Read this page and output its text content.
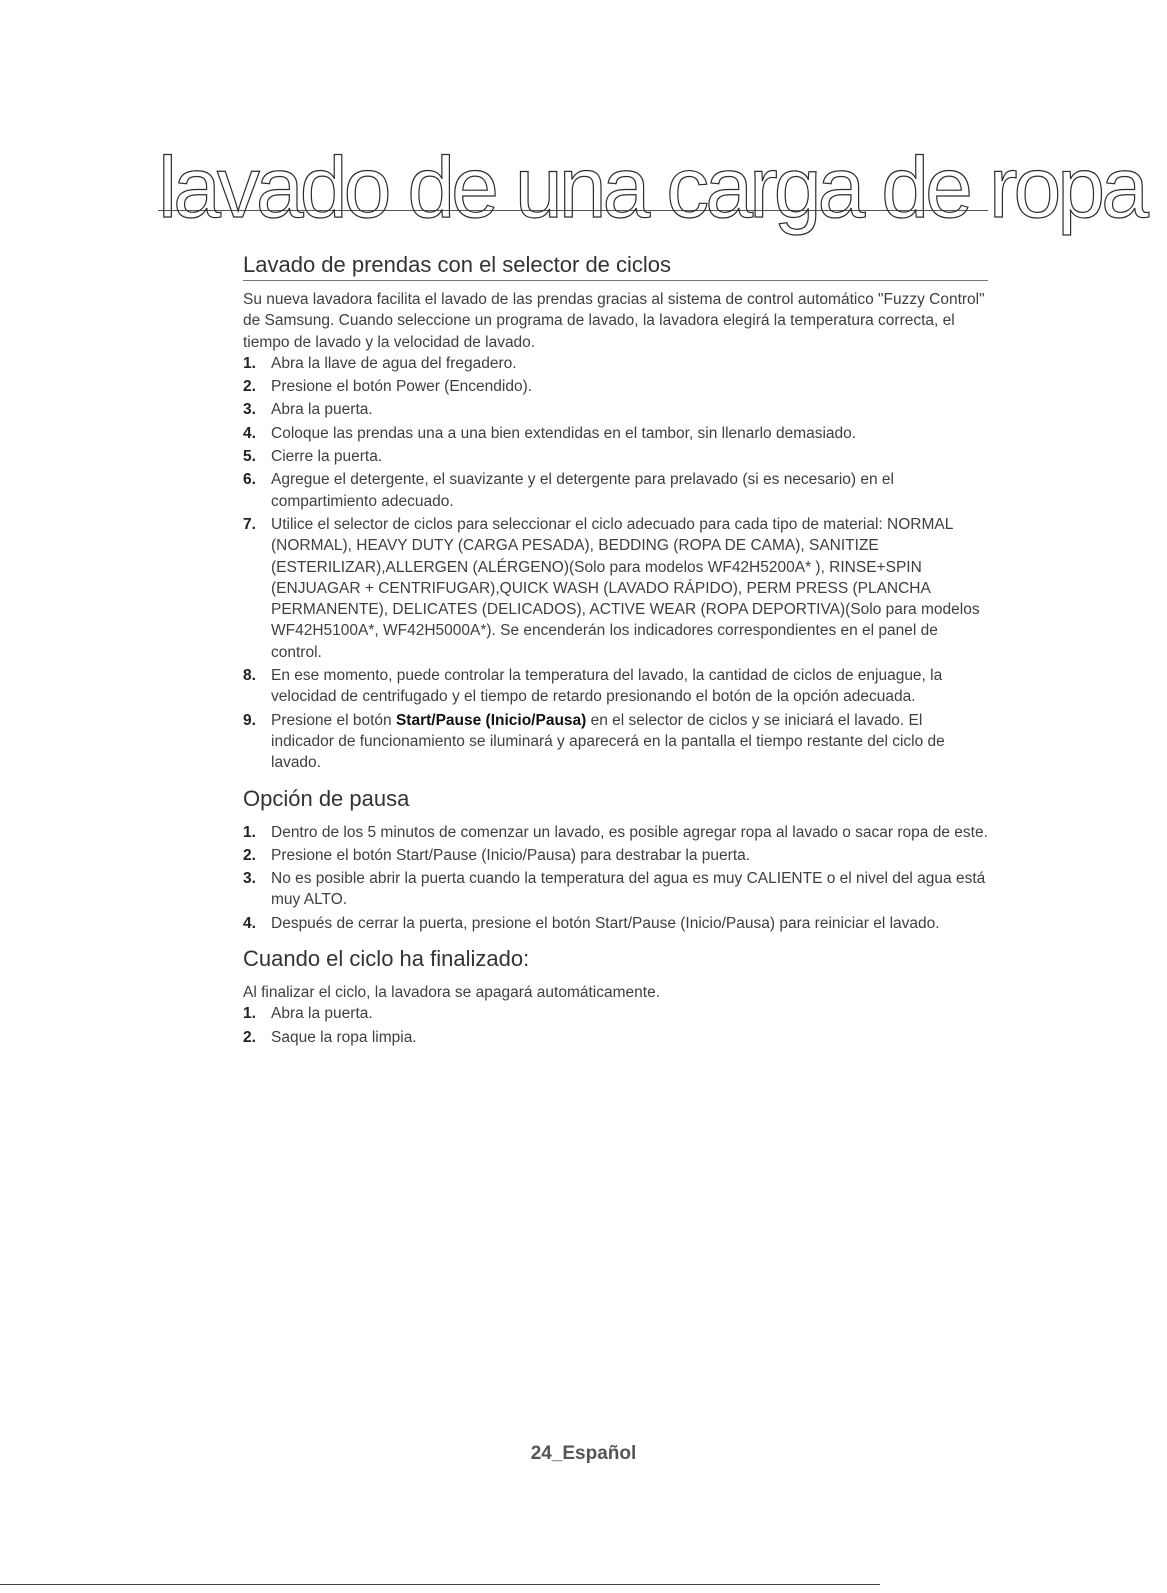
lavado de una carga de ropa
Lavado de prendas con el selector de ciclos

Su nueva lavadora facilita el lavado de las prendas gracias al sistema de control automático "Fuzzy Control" de Samsung. Cuando seleccione un programa de lavado, la lavadora elegirá la temperatura correcta, el tiempo de lavado y la velocidad de lavado.

1. Abra la llave de agua del fregadero.
2. Presione el botón Power (Encendido).
3. Abra la puerta.
4. Coloque las prendas una a una bien extendidas en el tambor, sin llenarlo demasiado.
5. Cierre la puerta.
6. Agregue el detergente, el suavizante y el detergente para prelavado (si es necesario) en el compartimiento adecuado.
7. Utilice el selector de ciclos para seleccionar el ciclo adecuado para cada tipo de material: NORMAL (NORMAL), HEAVY DUTY (CARGA PESADA), BEDDING (ROPA DE CAMA), SANITIZE (ESTERILIZAR),ALLERGEN (ALÉRGENO)(Solo para modelos WF42H5200A* ), RINSE+SPIN (ENJUAGAR + CENTRIFUGAR),QUICK WASH (LAVADO RÁPIDO), PERM PRESS (PLANCHA PERMANENTE), DELICATES (DELICADOS), ACTIVE WEAR (ROPA DEPORTIVA)(Solo para modelos WF42H5100A*, WF42H5000A*). Se encenderán los indicadores correspondientes en el panel de control.
8. En ese momento, puede controlar la temperatura del lavado, la cantidad de ciclos de enjuague, la velocidad de centrifugado y el tiempo de retardo presionando el botón de la opción adecuada.
9. Presione el botón Start/Pause (Inicio/Pausa) en el selector de ciclos y se iniciará el lavado. El indicador de funcionamiento se iluminará y aparecerá en la pantalla el tiempo restante del ciclo de lavado.
Opción de pausa
1. Dentro de los 5 minutos de comenzar un lavado, es posible agregar ropa al lavado o sacar ropa de este.
2. Presione el botón Start/Pause (Inicio/Pausa) para destrabar la puerta.
3. No es posible abrir la puerta cuando la temperatura del agua es muy CALIENTE o el nivel del agua está muy ALTO.
4. Después de cerrar la puerta, presione el botón Start/Pause (Inicio/Pausa) para reiniciar el lavado.
Cuando el ciclo ha finalizado:

Al finalizar el ciclo, la lavadora se apagará automáticamente.

1. Abra la puerta.
2. Saque la ropa limpia.
24_Español
